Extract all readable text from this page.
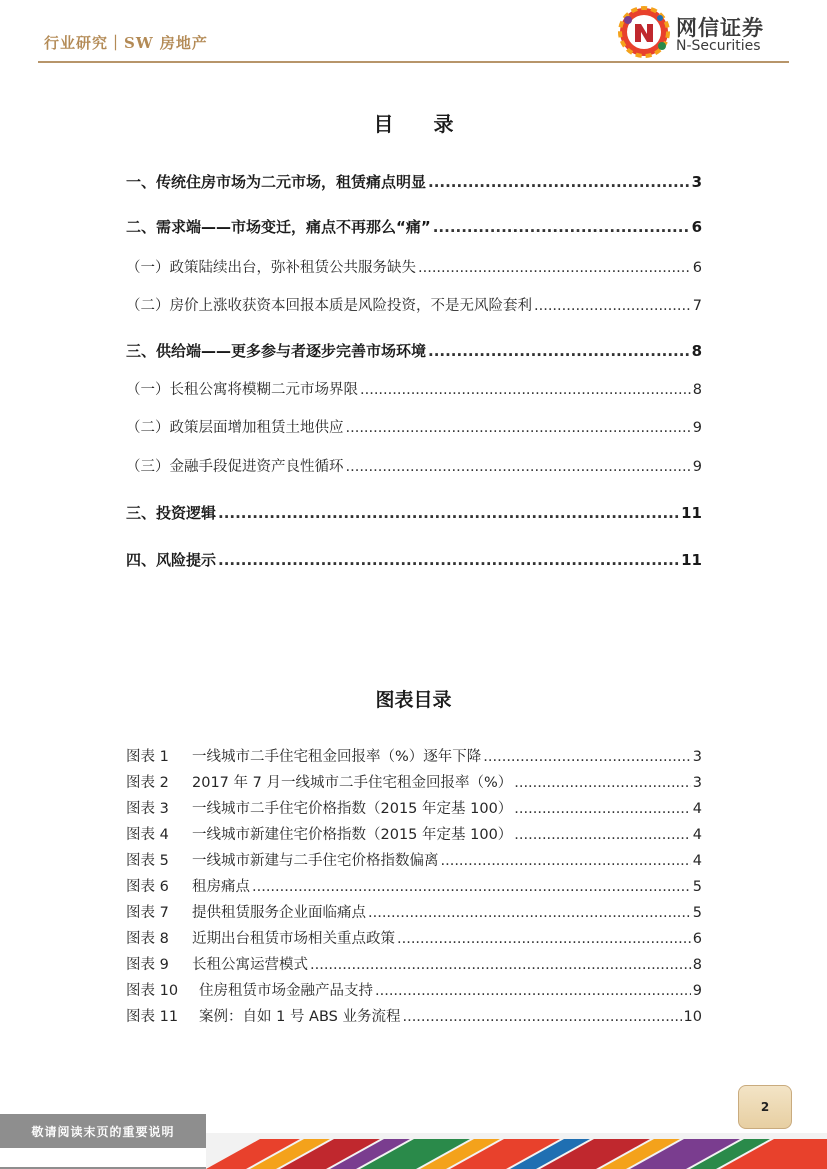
行业研究｜SW 房地产
网信证券
N-Securities
目　　录
一、传统住房市场为二元市场，租赁痛点明显 .....	3
二、需求端——市场变迁，痛点不再那么“痛” .....	6
（一）政策陆续出台，弥补租赁公共服务缺失 .....	6
（二）房价上涨收获资本回报本质是风险投资，不是无风险套利 .....	7
三、供给端——更多参与者逐步完善市场环境 .....	8
（一）长租公寓将模糊二元市场界限 .....	8
（二）政策层面增加租赁土地供应 .....	9
（三）金融手段促进资产良性循环 .....	9
三、投资逻辑 .....	11
四、风险提示 .....	11
图表目录
图表 1 一线城市二手住宅租金回报率（%）逐年下降 .....	3
图表 2 2017 年 7 月一线城市二手住宅租金回报率（%） .....	3
图表 3 一线城市二手住宅价格指数（2015 年定基 100） .....	4
图表 4 一线城市新建住宅价格指数（2015 年定基 100） .....	4
图表 5 一线城市新建与二手住宅价格指数偏离 .....	4
图表 6 租房痛点 .....	5
图表 7 提供租赁服务企业面临痛点 .....	5
图表 8 近期出台租赁市场相关重点政策 .....	6
图表 9 长租公寓运营模式 .....	8
图表 10 住房租赁市场金融产品支持 .....	9
图表 11 案例：自如 1 号 ABS 业务流程 .....	10
2
敬请阅读末页的重要说明
